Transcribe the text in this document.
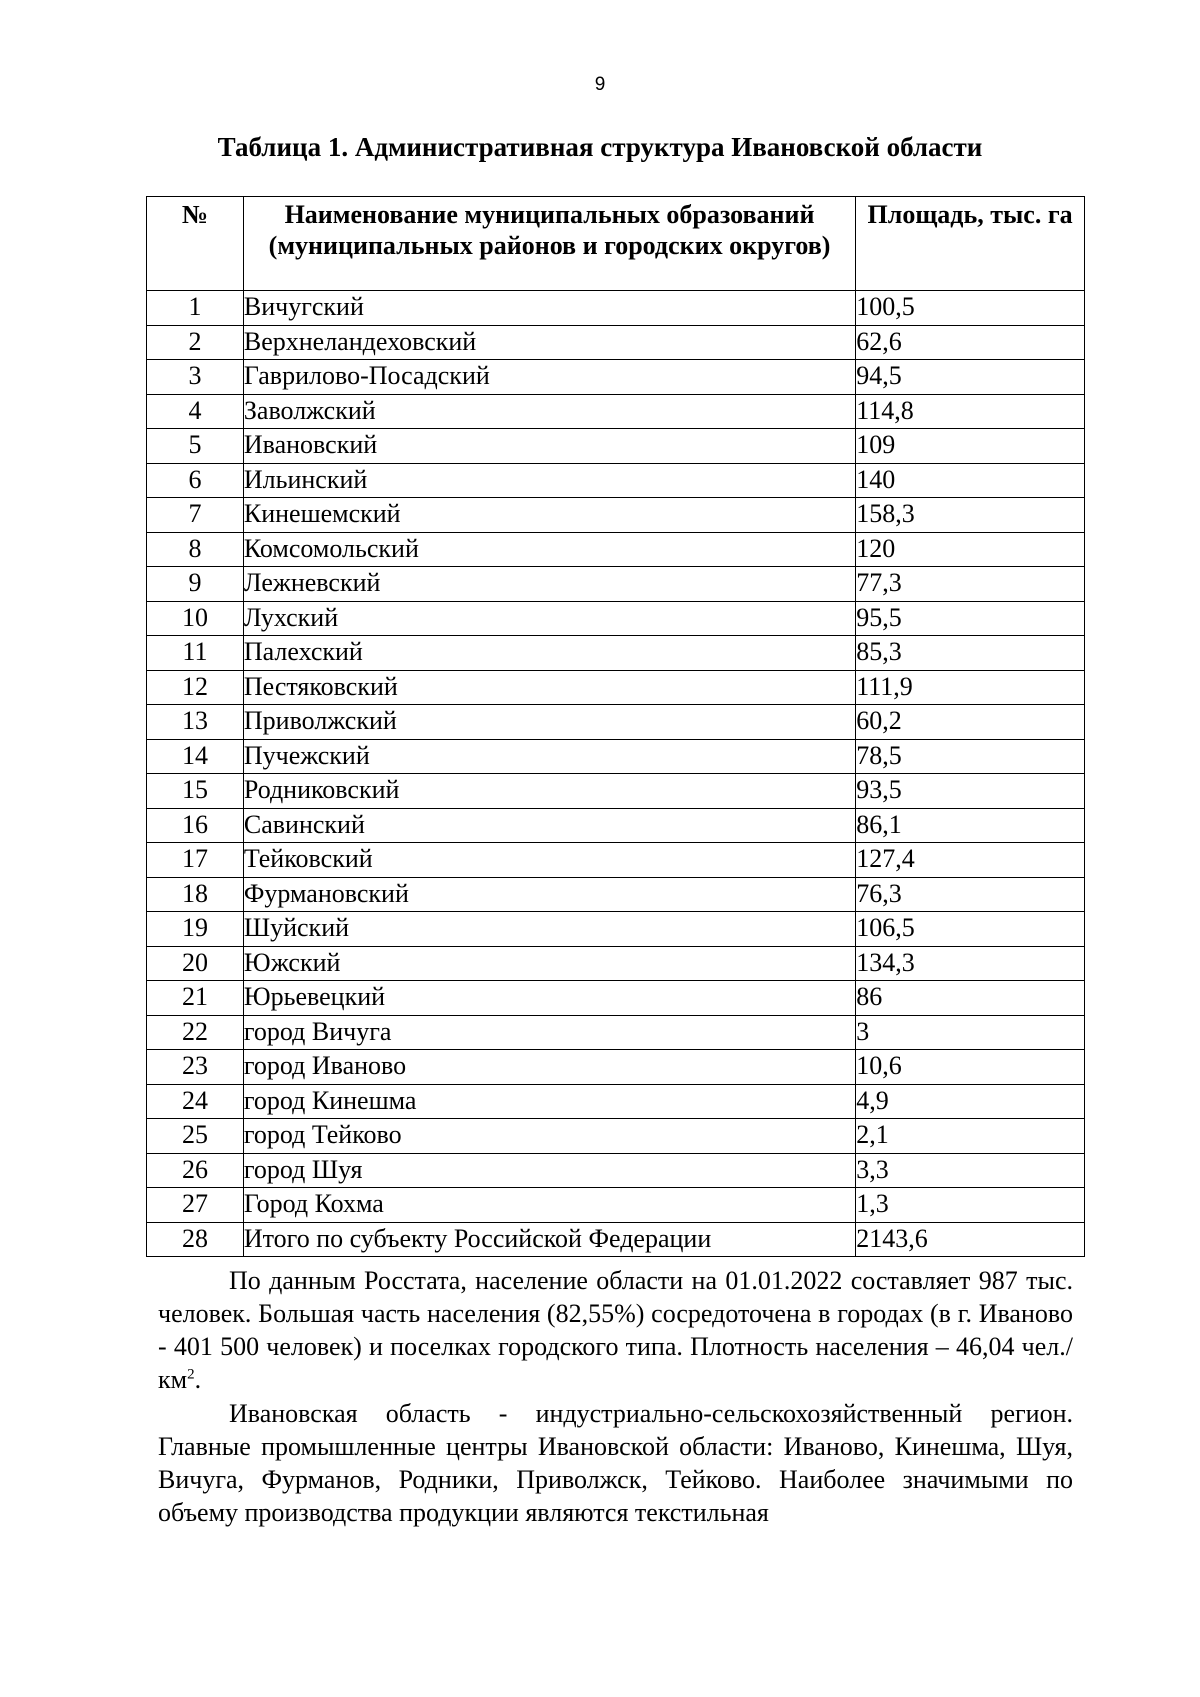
9
Таблица 1. Административная структура Ивановской области
№	Наименование муниципальных образований (муниципальных районов и городских округов)	Площадь, тыс. га
1	Вичугский	100,5
2	Верхнеландеховский	62,6
3	Гаврилово-Посадский	94,5
4	Заволжский	114,8
5	Ивановский	109
6	Ильинский	140
7	Кинешемский	158,3
8	Комсомольский	120
9	Лежневский	77,3
10	Лухский	95,5
11	Палехский	85,3
12	Пестяковский	111,9
13	Приволжский	60,2
14	Пучежский	78,5
15	Родниковский	93,5
16	Савинский	86,1
17	Тейковский	127,4
18	Фурмановский	76,3
19	Шуйский	106,5
20	Южский	134,3
21	Юрьевецкий	86
22	город Вичуга	3
23	город Иваново	10,6
24	город Кинешма	4,9
25	город Тейково	2,1
26	город Шуя	3,3
27	Город Кохма	1,3
28	Итого по субъекту Российской Федерации	2143,6

По данным Росстата, население области на 01.01.2022 составляет 987 тыс. человек. Большая часть населения (82,55%) сосредоточена в городах (в г. Иваново - 401 500 человек) и поселках городского типа. Плотность населения – 46,04 $чел./км^2$.

Ивановская область - индустриально-сельскохозяйственный регион. Главные промышленные центры Ивановской области: Иваново, Кинешма, Шуя, Вичуга, Фурманов, Родники, Приволжск, Тейково. Наиболее значимыми по объему производства продукции являются текстильная
